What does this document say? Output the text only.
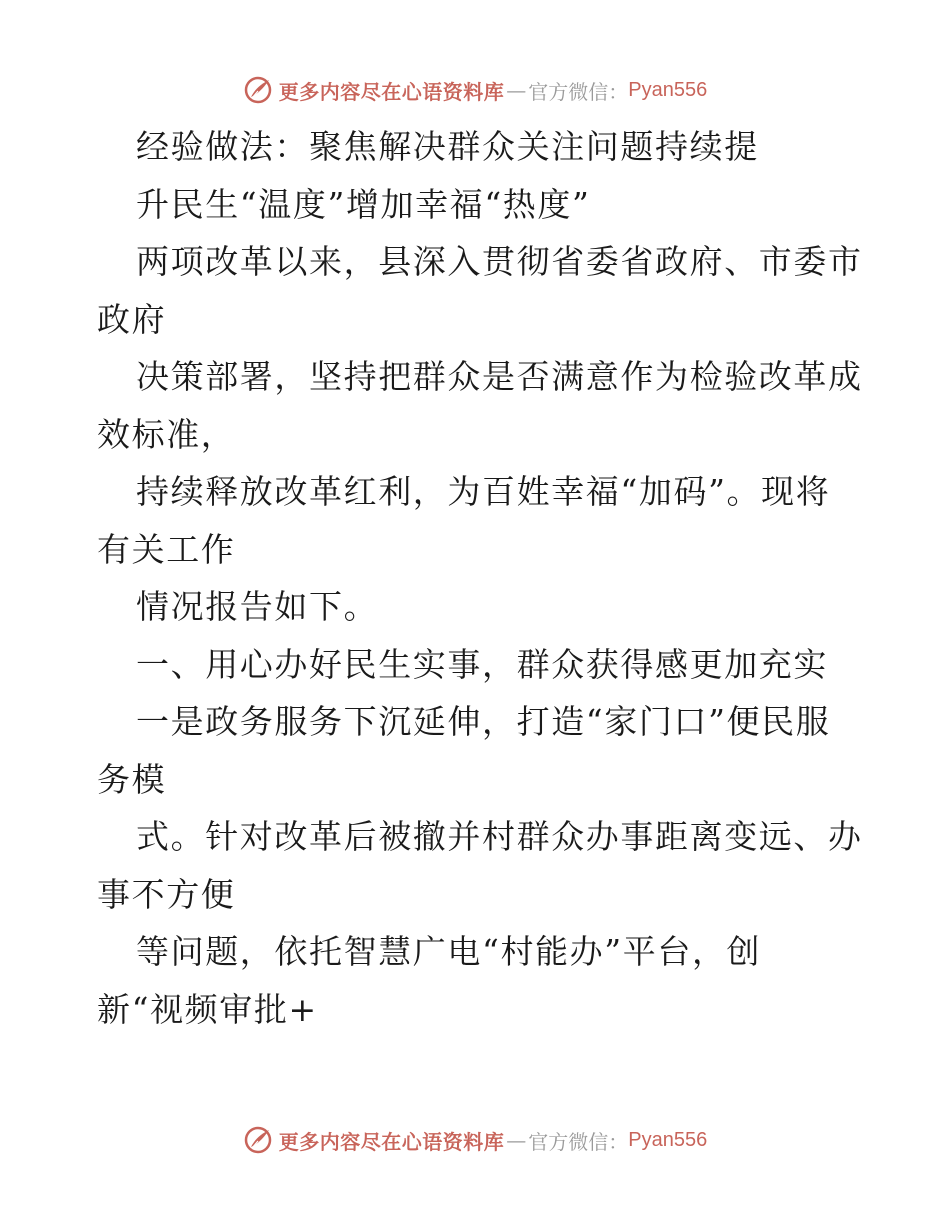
更多内容尽在心语资料库 — 官方微信： Pyan556
经验做法：聚焦解决群众关注问题持续提
升民生“温度”增加幸福“热度”
两项改革以来，县深入贯彻省委省政府、市委市
政府
决策部署，坚持把群众是否满意作为检验改革成
效标准，
持续释放改革红利，为百姓幸福“加码”。现将
有关工作
情况报告如下。
一、用心办好民生实事，群众获得感更加充实
一是政务服务下沉延伸，打造“家门口”便民服
务模
式。针对改革后被撤并村群众办事距离变远、办
事不方便
等问题，依托智慧广电“村能办”平台，创
新“视频审批+
更多内容尽在心语资料库 — 官方微信： Pyan556
